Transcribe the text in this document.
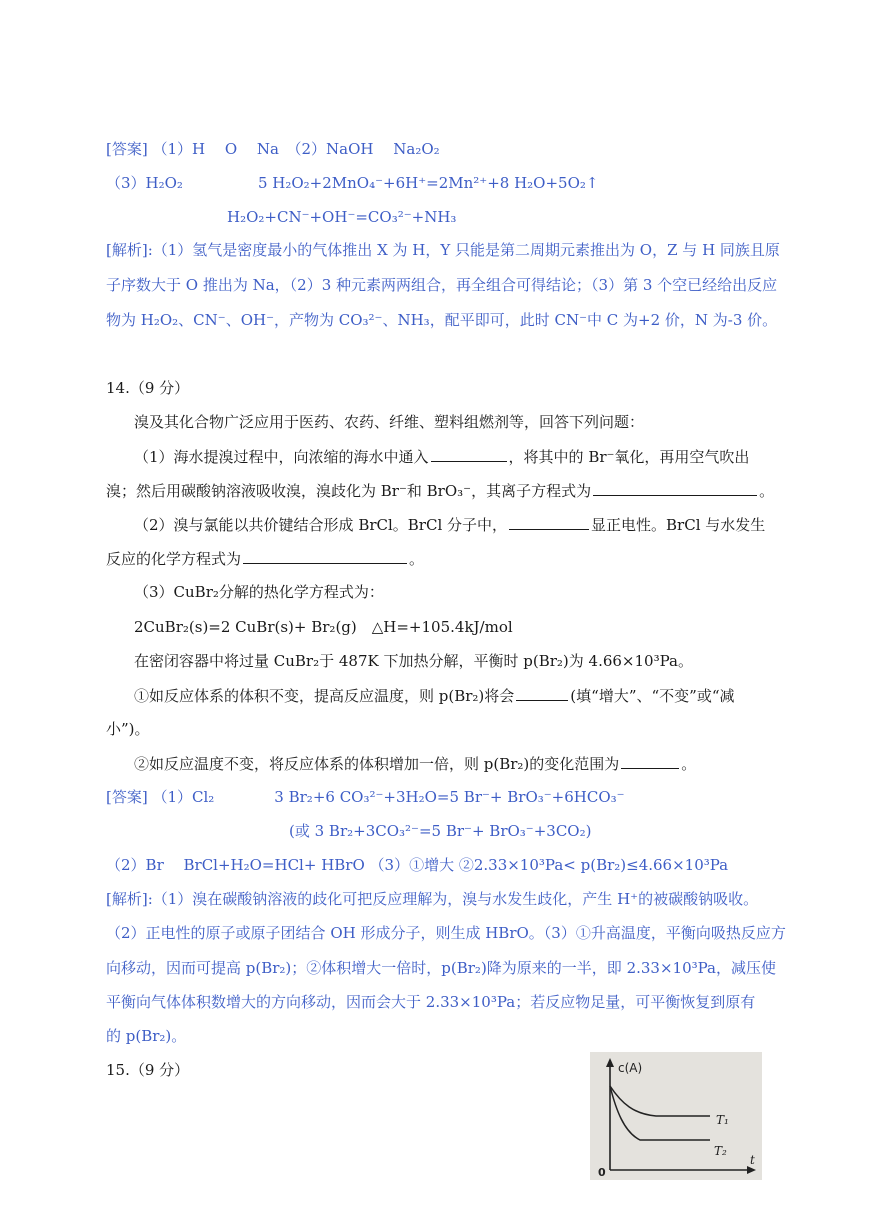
[答案] （1）H　 O　 Na　（2）NaOH　 Na₂O₂
（3）H₂O₂　　　　　5 H₂O₂+2MnO₄⁻+6H⁺=2Mn²⁺+8 H₂O+5O₂↑
H₂O₂+CN⁻+OH⁻=CO₃²⁻+NH₃
[解析]:（1）氢气是密度最小的气体推出 X 为 H，Y 只能是第二周期元素推出为 O，Z 与 H 同族且原
子序数大于 O 推出为 Na，（2）3 种元素两两组合，再全组合可得结论；（3）第 3 个空已经给出反应
物为 H₂O₂、CN⁻、OH⁻，产物为 CO₃²⁻、NH₃，配平即可，此时 CN⁻中 C 为+2 价，N 为-3 价。
14.（9 分）
溴及其化合物广泛应用于医药、农药、纤维、塑料组燃剂等，回答下列问题：
（1）海水提溴过程中，向浓缩的海水中通入	，将其中的 Br⁻氧化，再用空气吹出
溴；然后用碳酸钠溶液吸收溴，溴歧化为 Br⁻和 BrO₃⁻，其离子方程式为	。
（2）溴与氯能以共价键结合形成 BrCl。BrCl 分子中，	显正电性。BrCl 与水发生
反应的化学方程式为	。
（3）CuBr₂分解的热化学方程式为：
2CuBr₂(s)=2 CuBr(s)+ Br₂(g)　△H=+105.4kJ/mol
在密闭容器中将过量 CuBr₂于 487K 下加热分解，平衡时 p(Br₂)为 4.66×10³Pa。
①如反应体系的体积不变，提高反应温度，则 p(Br₂)将会	(填“增大”、“不变”或“减
小”)。
②如反应温度不变，将反应体系的体积增加一倍，则 p(Br₂)的变化范围为	。
[答案] （1）Cl₂　　　　3 Br₂+6 CO₃²⁻+3H₂O=5 Br⁻+ BrO₃⁻+6HCO₃⁻
(或 3 Br₂+3CO₃²⁻=5 Br⁻+ BrO₃⁻+3CO₂)
（2）Br　 BrCl+H₂O=HCl+ HBrO （3）①增大 ②2.33×10³Pa< p(Br₂)≤4.66×10³Pa
[解析]:（1）溴在碳酸钠溶液的歧化可把反应理解为，溴与水发生歧化，产生 H⁺的被碳酸钠吸收。
（2）正电性的原子或原子团结合 OH 形成分子，则生成 HBrO。（3）①升高温度，平衡向吸热反应方
向移动，因而可提高 p(Br₂)；②体积增大一倍时，p(Br₂)降为原来的一半，即 2.33×10³Pa，减压使
平衡向气体体积数增大的方向移动，因而会大于 2.33×10³Pa；若反应物足量，可平衡恢复到原有
的 p(Br₂)。
15.（9 分）	c(A)
T₁
T₂
0
t
